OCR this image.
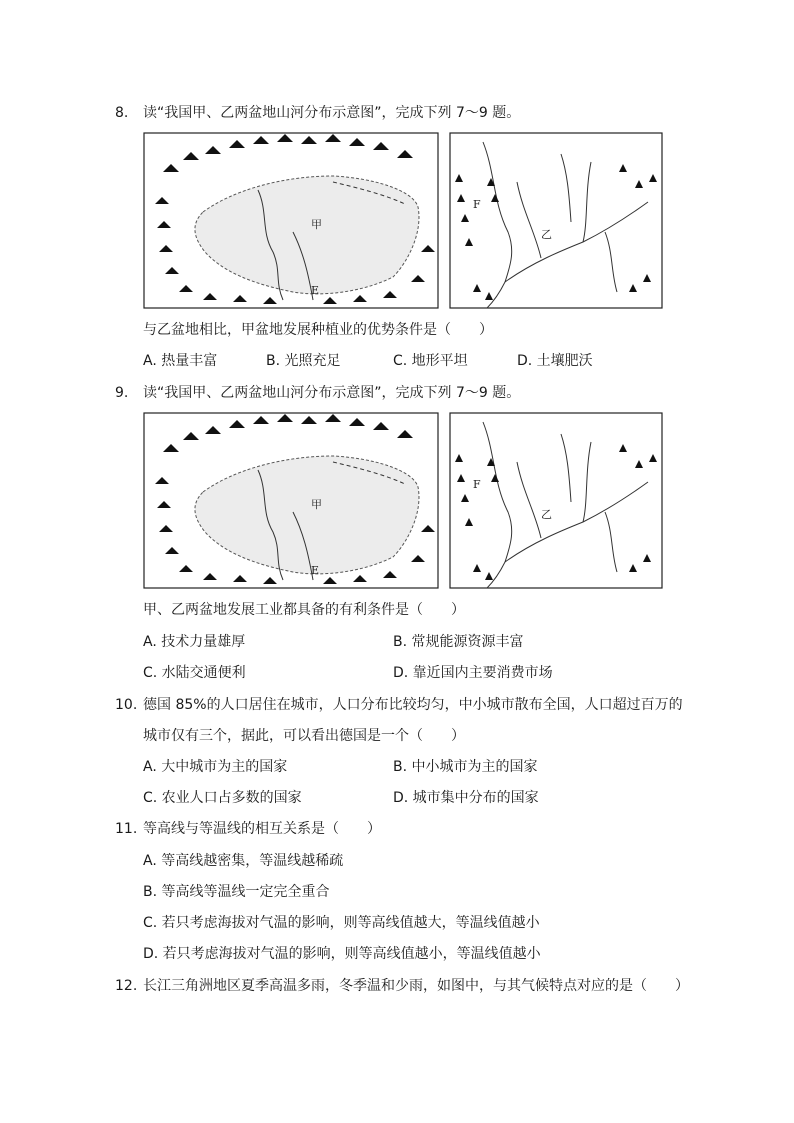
8. 读“我国甲、乙两盆地山河分布示意图”，完成下列 7～9 题。
甲
E
F
乙
与乙盆地相比，甲盆地发展种植业的优势条件是（　　）
A. 热量丰富	B. 光照充足	C. 地形平坦	D. 土壤肥沃
9. 读“我国甲、乙两盆地山河分布示意图”，完成下列 7～9 题。
甲
E
F
乙
甲、乙两盆地发展工业都具备的有利条件是（　　）
A. 技术力量雄厚	B. 常规能源资源丰富
C. 水陆交通便利	D. 靠近国内主要消费市场
10. 德国 85%的人口居住在城市，人口分布比较均匀，中小城市散布全国，人口超过百万的
城市仅有三个，据此，可以看出德国是一个（　　）
A. 大中城市为主的国家	B. 中小城市为主的国家
C. 农业人口占多数的国家	D. 城市集中分布的国家
11. 等高线与等温线的相互关系是（　　）
A. 等高线越密集，等温线越稀疏
B. 等高线等温线一定完全重合
C. 若只考虑海拔对气温的影响，则等高线值越大，等温线值越小
D. 若只考虑海拔对气温的影响，则等高线值越小，等温线值越小
12. 长江三角洲地区夏季高温多雨，冬季温和少雨，如图中，与其气候特点对应的是（　　）
